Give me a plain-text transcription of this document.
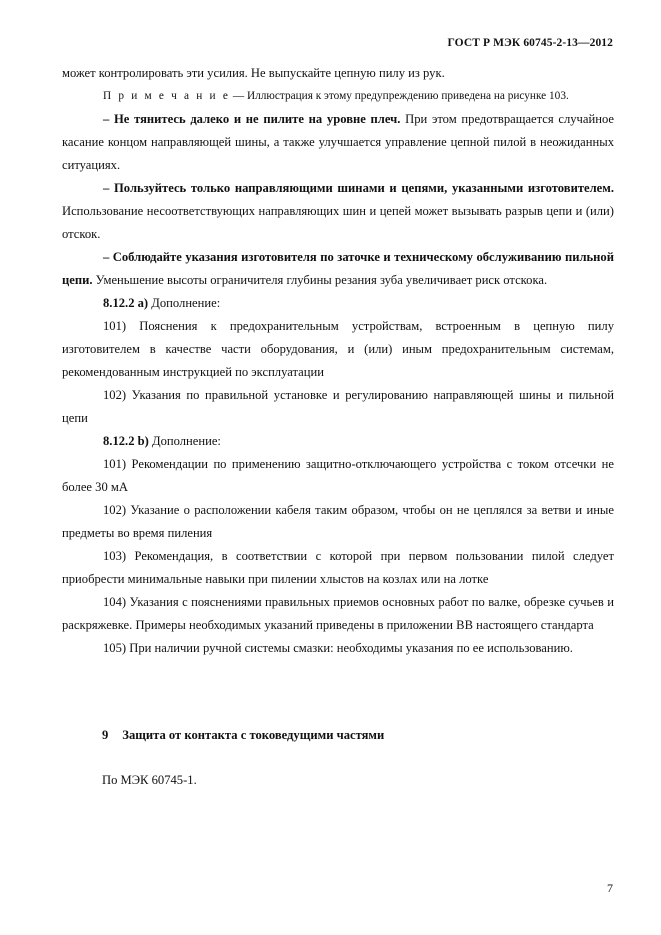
ГОСТ Р МЭК 60745-2-13—2012

может контролировать эти усилия. Не выпускайте цепную пилу из рук.

П р и м е ч а н и е — Иллюстрация к этому предупреждению приведена на рисунке 103.

– Не тянитесь далеко и не пилите на уровне плеч. При этом предотвращается случайное касание концом направляющей шины, а также улучшается управление цепной пилой в неожиданных ситуациях.

– Пользуйтесь только направляющими шинами и цепями, указанными изготовителем. Использование несоответствующих направляющих шин и цепей может вызывать разрыв цепи и (или) отскок.

– Соблюдайте указания изготовителя по заточке и техническому обслуживанию пильной цепи. Уменьшение высоты ограничителя глубины резания зуба увеличивает риск отскока.

8.12.2 a) Дополнение:

101) Пояснения к предохранительным устройствам, встроенным в цепную пилу изготовителем в качестве части оборудования, и (или) иным предохранительным системам, рекомендованным инструкцией по эксплуатации

102) Указания по правильной установке и регулированию направляющей шины и пильной цепи

8.12.2 b) Дополнение:

101) Рекомендации по применению защитно-отключающего устройства с током отсечки не более 30 мА

102) Указание о расположении кабеля таким образом, чтобы он не цеплялся за ветви и иные предметы во время пиления

103) Рекомендация, в соответствии с которой при первом пользовании пилой следует приобрести минимальные навыки при пилении хлыстов на козлах или на лотке

104) Указания с пояснениями правильных приемов основных работ по валке, обрезке сучьев и раскряжевке. Примеры необходимых указаний приведены в приложении ВВ настоящего стандарта

105) При наличии ручной системы смазки: необходимы указания по ее использованию.

9 Защита от контакта с токоведущими частями
По МЭК 60745-1.
7
